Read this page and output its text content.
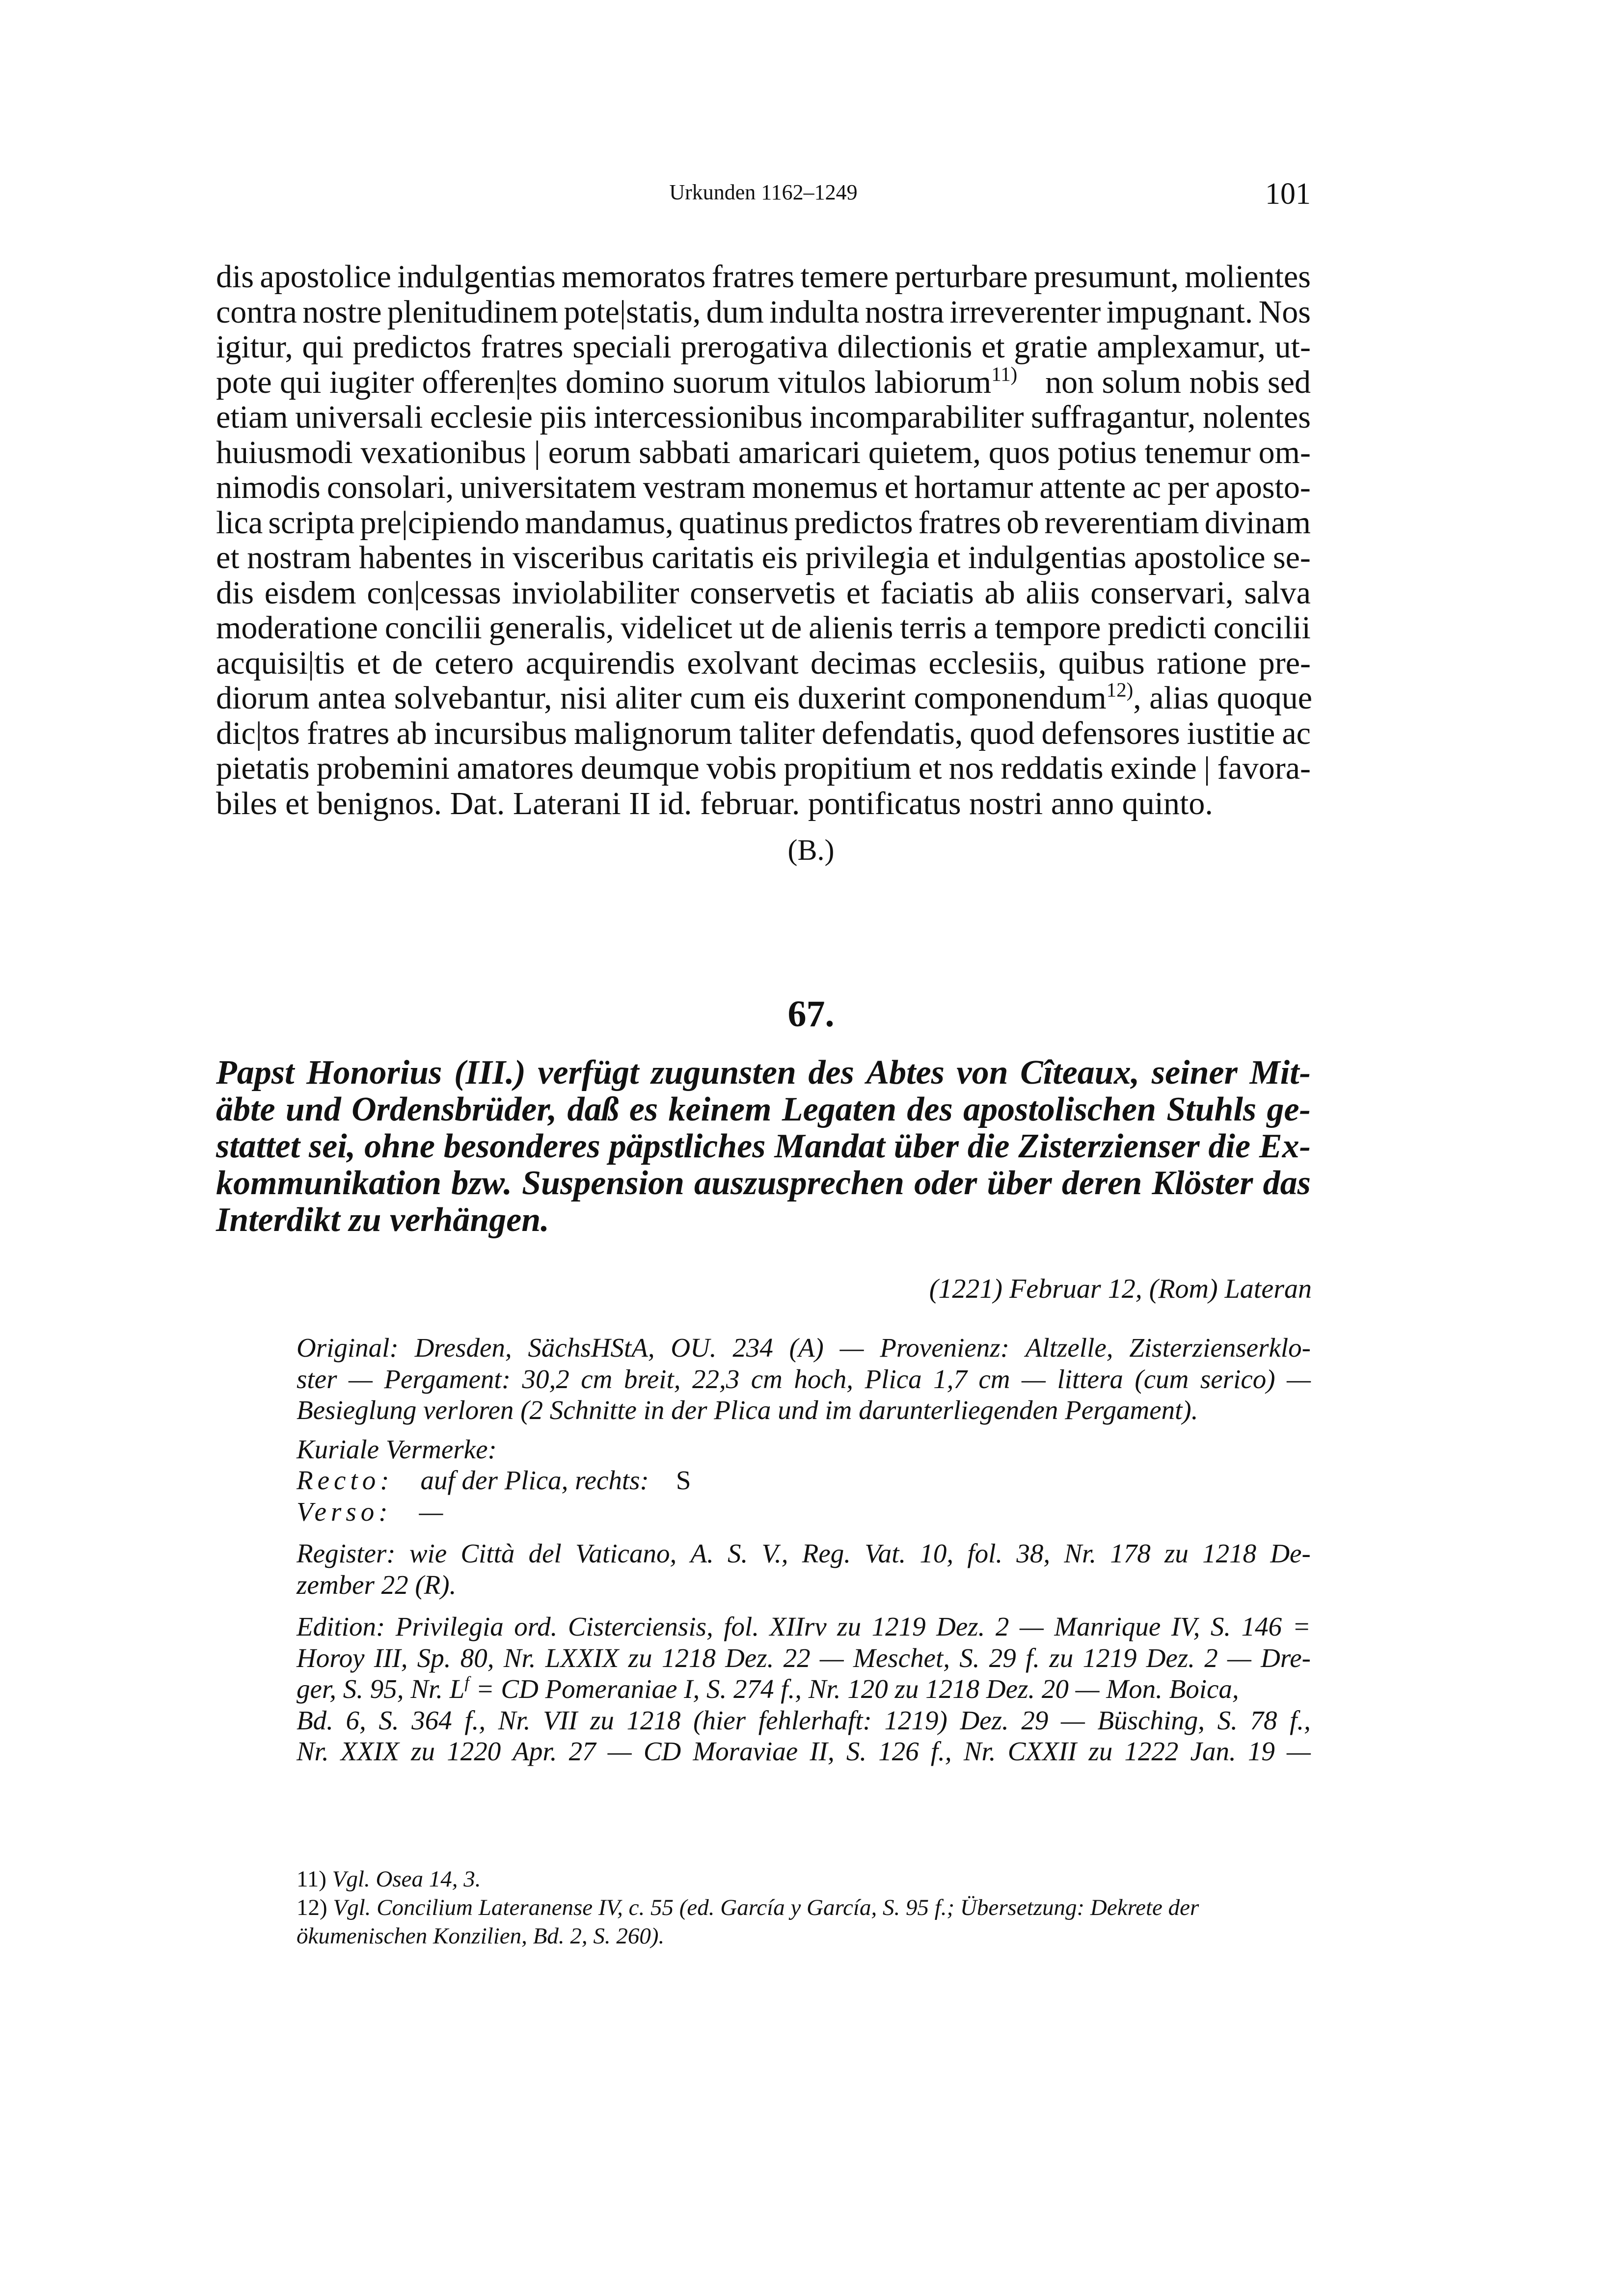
Urkunden 1162–1249	101
dis apostolice indulgentias memoratos fratres temere perturbare presumunt, molientes
contra nostre plenitudinem pote|statis, dum indulta nostra irreverenter impugnant. Nos
igitur, qui predictos fratres speciali prerogativa dilectionis et gratie amplexamur, ut-
pote qui iugiter offeren|tes domino suorum vitulos labiorum$^{11)}$ non solum nobis sed
etiam universali ecclesie piis intercessionibus incomparabiliter suffragantur, nolentes
huiusmodi vexationibus | eorum sabbati amaricari quietem, quos potius tenemur om-
nimodis consolari, universitatem vestram monemus et hortamur attente ac per aposto-
lica scripta pre|cipiendo mandamus, quatinus predictos fratres ob reverentiam divinam
et nostram habentes in visceribus caritatis eis privilegia et indulgentias apostolice se-
dis eisdem con|cessas inviolabiliter conservetis et faciatis ab aliis conservari, salva
moderatione concilii generalis, videlicet ut de alienis terris a tempore predicti concilii
acquisi|tis et de cetero acquirendis exolvant decimas ecclesiis, quibus ratione pre-
diorum antea solvebantur, nisi aliter cum eis duxerint componendum$^{12)}$, alias quoque
dic|tos fratres ab incursibus malignorum taliter defendatis, quod defensores iustitie ac
pietatis probemini amatores deumque vobis propitium et nos reddatis exinde | favora-
biles et benignos. Dat. Laterani II id. februar. pontificatus nostri anno quinto.
(B.)
67.
Papst Honorius (III.) verfügt zugunsten des Abtes von Cîteaux, seiner Mit-
äbte und Ordensbrüder, daß es keinem Legaten des apostolischen Stuhls ge-
stattet sei, ohne besonderes päpstliches Mandat über die Zisterzienser die Ex-
kommunikation bzw. Suspension auszusprechen oder über deren Klöster das
Interdikt zu verhängen.
(1221) Februar 12, (Rom) Lateran
Original: Dresden, SächsHStA, OU. 234 (A) — Provenienz: Altzelle, Zisterzienserklo-
ster — Pergament: 30,2 cm breit, 22,3 cm hoch, Plica 1,7 cm — littera (cum serico) —
Besieglung verloren (2 Schnitte in der Plica und im darunterliegenden Pergament).
Kuriale Vermerke:
Recto:
   auf der Plica, rechts:
   S
Verso:
   —
Register: wie Città del Vaticano, A. S. V., Reg. Vat. 10, fol. 38, Nr. 178 zu 1218 De-
zember 22 (R).
Edition: Privilegia ord. Cisterciensis, fol. XIIrv zu 1219 Dez. 2 — Manrique IV, S. 146 =
Horoy III, Sp. 80, Nr. LXXIX zu 1218 Dez. 22 — Meschet, S. 29 f. zu 1219 Dez. 2 — Dre-
ger, S. 95, Nr. $L^f$ = CD Pomeraniae I, S. 274 f., Nr. 120 zu 1218 Dez. 20 — Mon. Boica,
Bd. 6, S. 364 f., Nr. VII zu 1218 (hier fehlerhaft: 1219) Dez. 29 — Büsching, S. 78 f.,
Nr. XXIX zu 1220 Apr. 27 — CD Moraviae II, S. 126 f., Nr. CXXII zu 1222 Jan. 19 —
11) Vgl. Osea 14, 3.
12) Vgl. Concilium Lateranense IV, c. 55 (ed. García y García, S. 95 f.; Übersetzung: Dekrete der
ökumenischen Konzilien, Bd. 2, S. 260).
